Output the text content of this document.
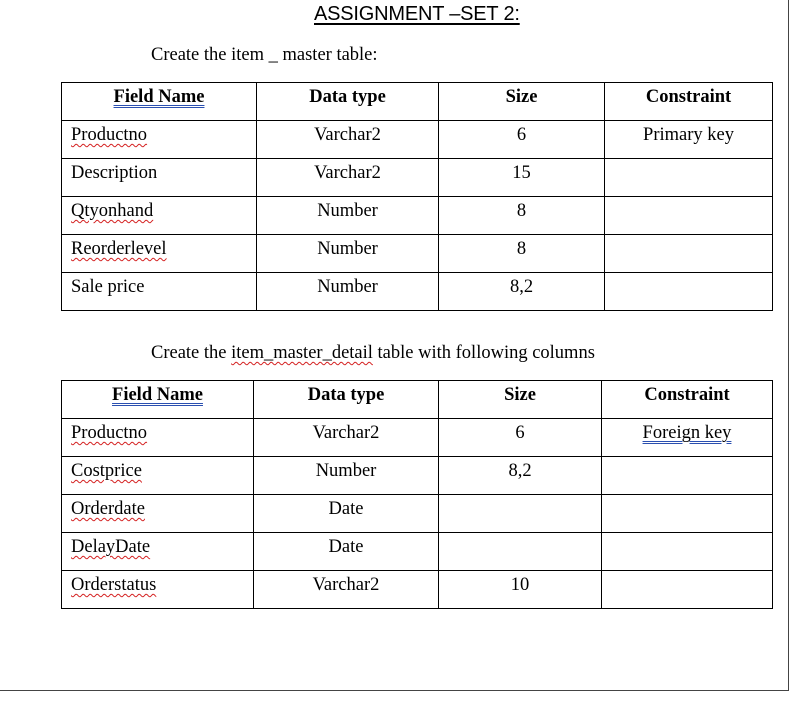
ASSIGNMENT –SET 2:
Create the item _ master table:
Field Name	Data type	Size	Constraint
Productno	Varchar2	6	Primary key
Description	Varchar2	15	
Qtyonhand	Number	8	
Reorderlevel	Number	8	
Sale price	Number	8,2	
Create the item_master_detail table with following columns
Field Name	Data type	Size	Constraint
Productno	Varchar2	6	Foreign key
Costprice	Number	8,2	
Orderdate	Date		
DelayDate	Date		
Orderstatus	Varchar2	10	
